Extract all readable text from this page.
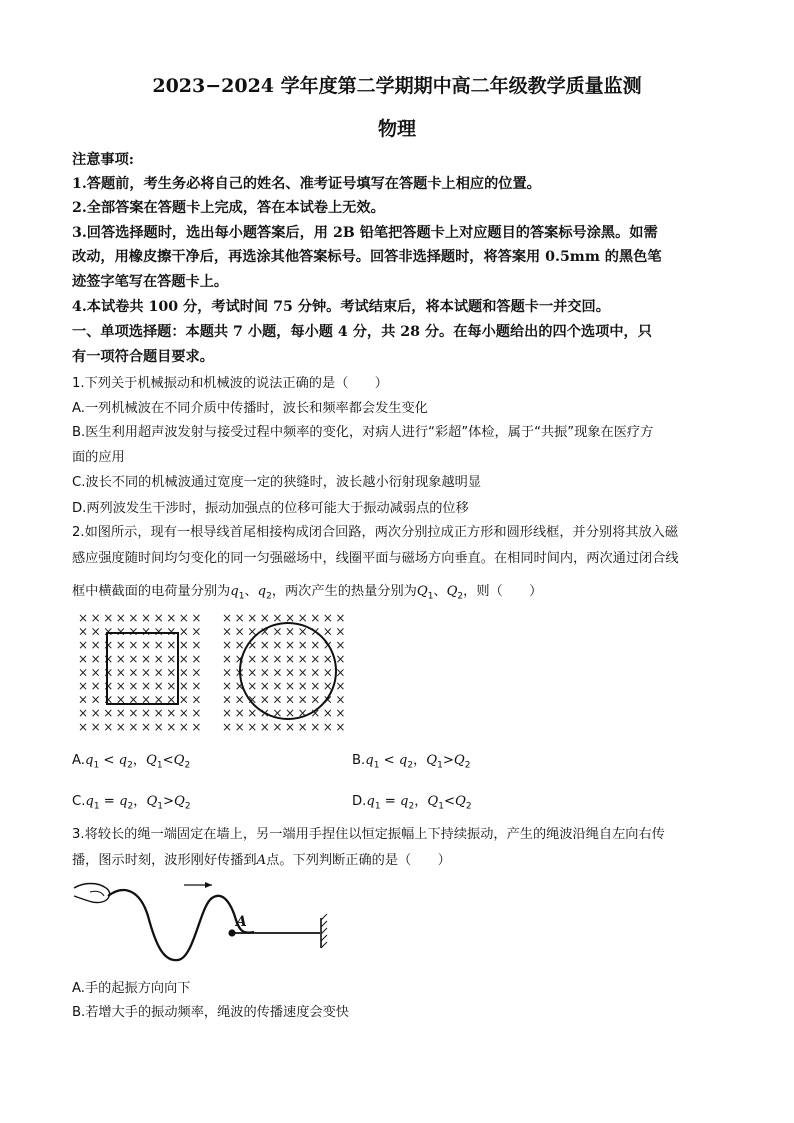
2023−2024 学年度第二学期期中高二年级教学质量监测
物理
注意事项:
1.答题前，考生务必将自己的姓名、准考证号填写在答题卡上相应的位置。
2.全部答案在答题卡上完成，答在本试卷上无效。
3.回答选择题时，选出每小题答案后，用 2B 铅笔把答题卡上对应题目的答案标号涂黑。如需
改动，用橡皮擦干净后，再选涂其他答案标号。回答非选择题时，将答案用 0.5mm 的黑色笔
迹签字笔写在答题卡上。
4.本试卷共 100 分，考试时间 75 分钟。考试结束后，将本试题和答题卡一并交回。
一、单项选择题：本题共 7 小题，每小题 4 分，共 28 分。在每小题给出的四个选项中，只
有一项符合题目要求。
1.下列关于机械振动和机械波的说法正确的是（　　）
A.一列机械波在不同介质中传播时，波长和频率都会发生变化
B.医生利用超声波发射与接受过程中频率的变化，对病人进行“彩超”体检，属于“共振”现象在医疗方
面的应用
C.波长不同的机械波通过宽度一定的狭缝时，波长越小衍射现象越明显
D.两列波发生干涉时，振动加强点的位移可能大于振动减弱点的位移
2.如图所示，现有一根导线首尾相接构成闭合回路，两次分别拉成正方形和圆形线框，并分别将其放入磁
感应强度随时间均匀变化的同一匀强磁场中，线圈平面与磁场方向垂直。在相同时间内，两次通过闭合线
框中横截面的电荷量分别为$q_1$、$q_2$，两次产生的热量分别为$Q_1$、$Q_2$，则（　　）
× × × × × × × × × ×
× × × × × × × × × ×
× × × × × × × × × ×
× × × × × × × × × ×
× × × × × × × × × ×
× × × × × × × × × ×
× × × × × × × × × ×
× × × × × × × × × ×
× × × × × × × × × ×
× × × × × × × × × ×
× × × × × × × × × ×
× × × × × × × × × ×
× × × × × × × × × ×
× × × × × × × × × ×
× × × × × × × × × ×
× × × × × × × × × ×
× × × × × × × × × ×
× × × × × × × × × ×
$A.q_1 < q_2$，$Q_1<Q_2$	$B.q_1 < q_2$，$Q_1>Q_2$
$C.q_1 = q_2$，$Q_1>Q_2$	$D.q_1 = q_2$，$Q_1<Q_2$
3.将较长的绳一端固定在墙上，另一端用手捏住以恒定振幅上下持续振动，产生的绳波沿绳自左向右传
播，图示时刻，波形刚好传播到A点。下列判断正确的是（　　）
A
A.手的起振方向向下
B.若增大手的振动频率，绳波的传播速度会变快
